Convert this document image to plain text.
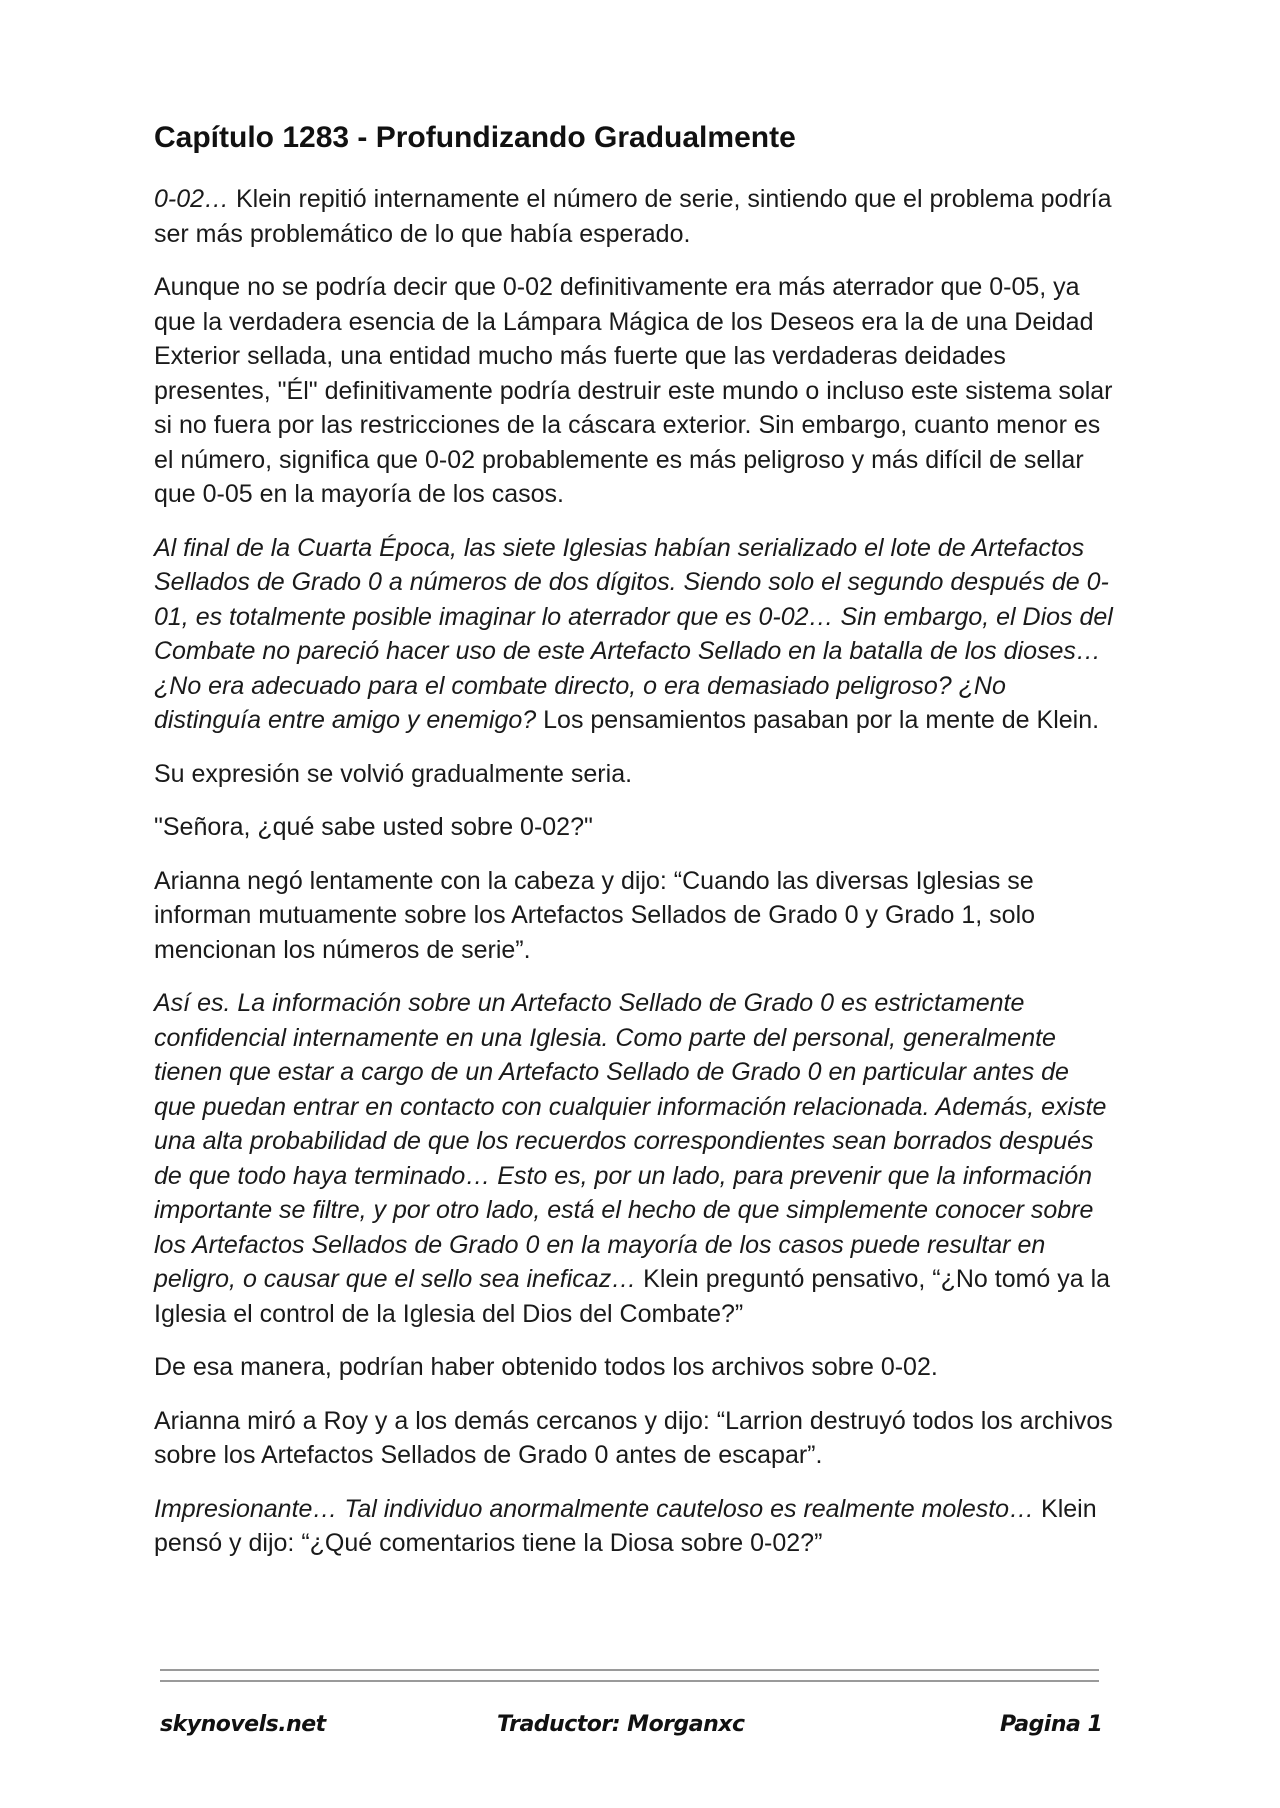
Capítulo 1283 - Profundizando Gradualmente

0-02… Klein repitió internamente el número de serie, sintiendo que el problema podría ser más problemático de lo que había esperado.

Aunque no se podría decir que 0-02 definitivamente era más aterrador que 0-05, ya que la verdadera esencia de la Lámpara Mágica de los Deseos era la de una Deidad Exterior sellada, una entidad mucho más fuerte que las verdaderas deidades presentes, "Él" definitivamente podría destruir este mundo o incluso este sistema solar si no fuera por las restricciones de la cáscara exterior. Sin embargo, cuanto menor es el número, significa que 0-02 probablemente es más peligroso y más difícil de sellar que 0-05 en la mayoría de los casos.

Al final de la Cuarta Época, las siete Iglesias habían serializado el lote de Artefactos Sellados de Grado 0 a números de dos dígitos. Siendo solo el segundo después de 0-01, es totalmente posible imaginar lo aterrador que es 0-02… Sin embargo, el Dios del Combate no pareció hacer uso de este Artefacto Sellado en la batalla de los dioses… ¿No era adecuado para el combate directo, o era demasiado peligroso? ¿No distinguía entre amigo y enemigo? Los pensamientos pasaban por la mente de Klein.

Su expresión se volvió gradualmente seria.

"Señora, ¿qué sabe usted sobre 0-02?"

Arianna negó lentamente con la cabeza y dijo: “Cuando las diversas Iglesias se informan mutuamente sobre los Artefactos Sellados de Grado 0 y Grado 1, solo mencionan los números de serie”.

Así es. La información sobre un Artefacto Sellado de Grado 0 es estrictamente confidencial internamente en una Iglesia. Como parte del personal, generalmente tienen que estar a cargo de un Artefacto Sellado de Grado 0 en particular antes de que puedan entrar en contacto con cualquier información relacionada. Además, existe una alta probabilidad de que los recuerdos correspondientes sean borrados después de que todo haya terminado… Esto es, por un lado, para prevenir que la información importante se filtre, y por otro lado, está el hecho de que simplemente conocer sobre los Artefactos Sellados de Grado 0 en la mayoría de los casos puede resultar en peligro, o causar que el sello sea ineficaz… Klein preguntó pensativo, “¿No tomó ya la Iglesia el control de la Iglesia del Dios del Combate?”

De esa manera, podrían haber obtenido todos los archivos sobre 0-02.

Arianna miró a Roy y a los demás cercanos y dijo: “Larrion destruyó todos los archivos sobre los Artefactos Sellados de Grado 0 antes de escapar”.

Impresionante… Tal individuo anormalmente cauteloso es realmente molesto… Klein pensó y dijo: “¿Qué comentarios tiene la Diosa sobre 0-02?”

skynovels.net	Traductor: Morganxc	Pagina 1
